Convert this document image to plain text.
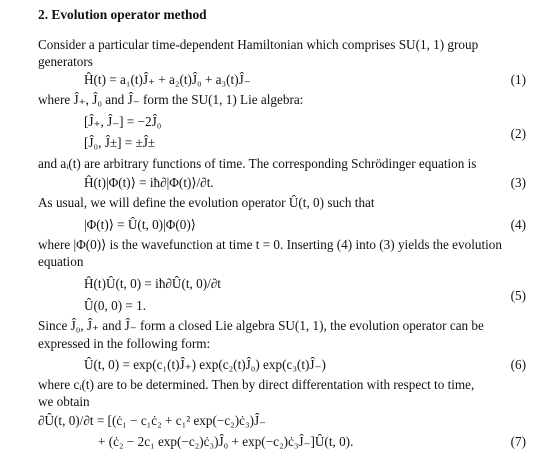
2. Evolution operator method
Consider a particular time-dependent Hamiltonian which comprises SU(1, 1) group
generators
Ĥ(t) = a₁(t)Ĵ₊ + a₂(t)Ĵ₀ + a₃(t)Ĵ₋	(1)
where Ĵ₊, Ĵ₀ and Ĵ₋ form the SU(1, 1) Lie algebra:
[Ĵ₊, Ĵ₋] = −2Ĵ₀
[Ĵ₀, Ĵ±] = ±Ĵ±
(2)
and aᵢ(t) are arbitrary functions of time. The corresponding Schrödinger equation is
Ĥ(t)|Φ(t)⟩ = iħ∂|Φ(t)⟩/∂t.	(3)
As usual, we will define the evolution operator Û(t, 0) such that
|Φ(t)⟩ = Û(t, 0)|Φ(0)⟩	(4)
where |Φ(0)⟩ is the wavefunction at time t = 0. Inserting (4) into (3) yields the evolution
equation
Ĥ(t)Û(t, 0) = iħ∂Û(t, 0)/∂t
Û(0, 0) = 1.
(5)
Since Ĵ₀, Ĵ₊ and Ĵ₋ form a closed Lie algebra SU(1, 1), the evolution operator can be
expressed in the following form:
Û(t, 0) = exp(c₁(t)Ĵ₊) exp(c₂(t)Ĵ₀) exp(c₃(t)Ĵ₋)	(6)
where cᵢ(t) are to be determined. Then by direct differentation with respect to time,
we obtain
∂Û(t, 0)/∂t = [(ċ₁ − c₁ċ₂ + c₁² exp(−c₂)ċ₃)Ĵ₋
+ (ċ₂ − 2c₁ exp(−c₂)ċ₃)Ĵ₀ + exp(−c₂)ċ₃Ĵ₋]Û(t, 0).	(7)
